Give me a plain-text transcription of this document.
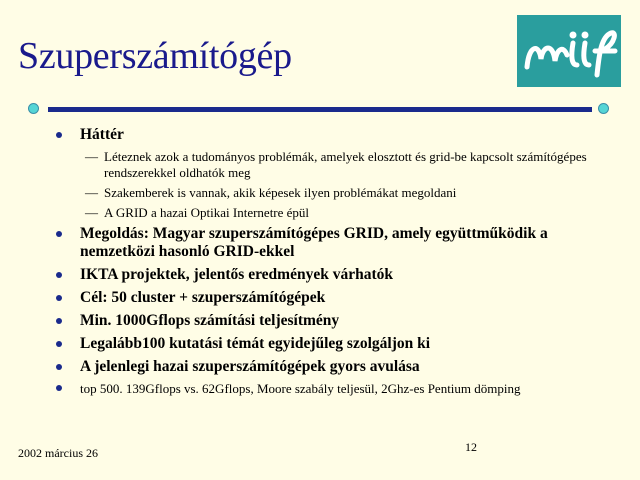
Szuperszámítógép
Háttér
— Léteznek azok a tudományos problémák, amelyek elosztott és grid-be kapcsolt számítógépes rendszerekkel oldhatók meg
— Szakemberek is vannak, akik képesek ilyen problémákat megoldani
— A GRID a hazai Optikai Internetre épül
Megoldás: Magyar szuperszámítógépes GRID, amely együttműködik a nemzetközi hasonló GRID-ekkel
IKTA projektek, jelentős eredmények várhatók
Cél: 50 cluster + szuperszámítógépek
Min. 1000Gflops számítási teljesítmény
Legalább100 kutatási témát egyidejűleg szolgáljon ki
A jelenlegi hazai szuperszámítógépek gyors avulása
top 500. 139Gflops vs. 62Gflops, Moore szabály teljesül, 2Ghz-es Pentium dömping
2002 március 26	12
